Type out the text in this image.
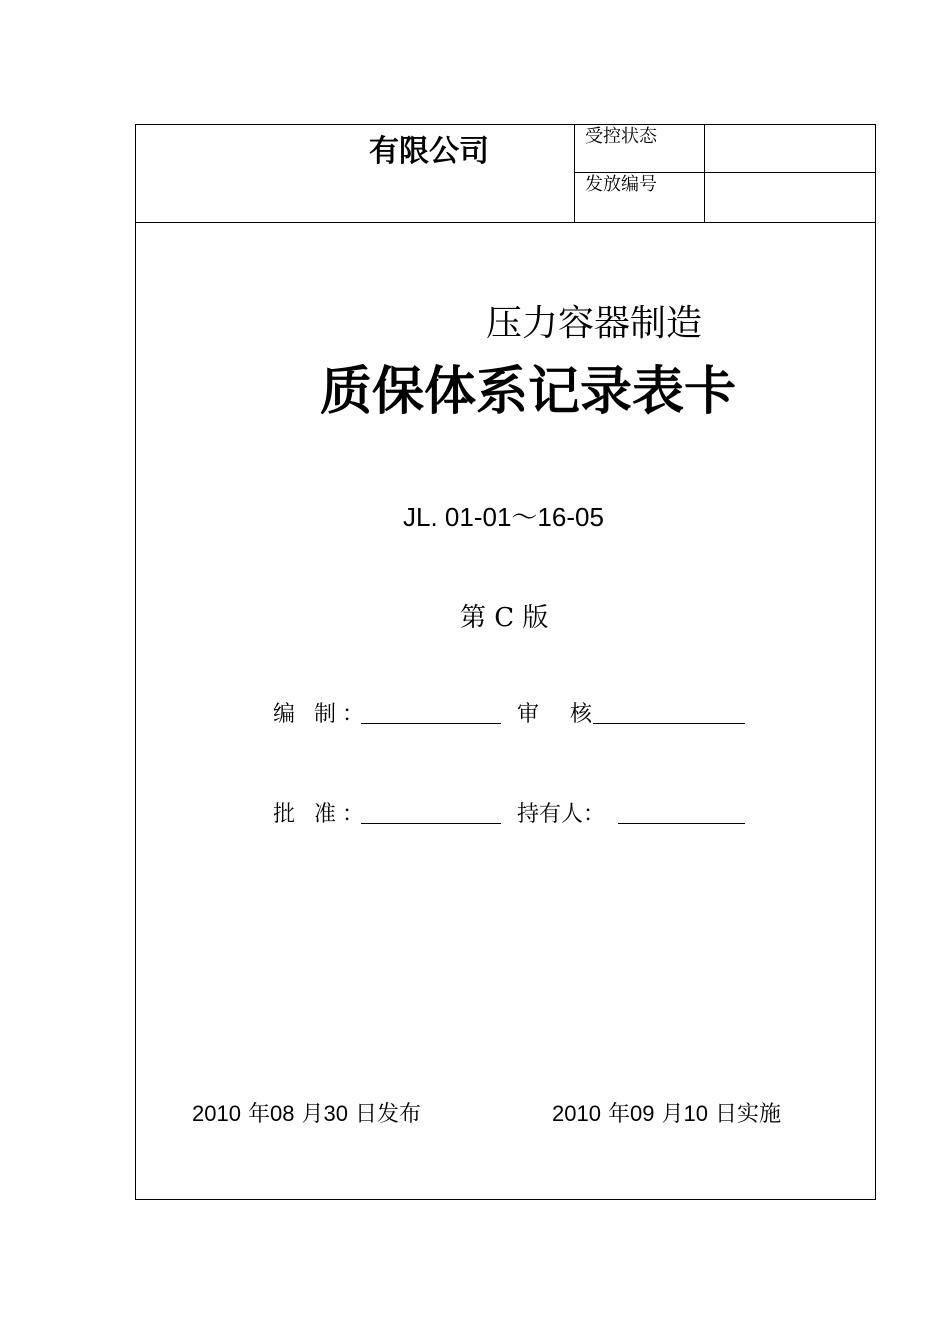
有限公司	受控状态
发放编号
压力容器制造
质保体系记录表卡
JL. 01-01～16-05
第 C 版
编 制：	审 核
批 准：	持有人：
2010 年08 月30 日发布	2010 年09 月10 日实施
